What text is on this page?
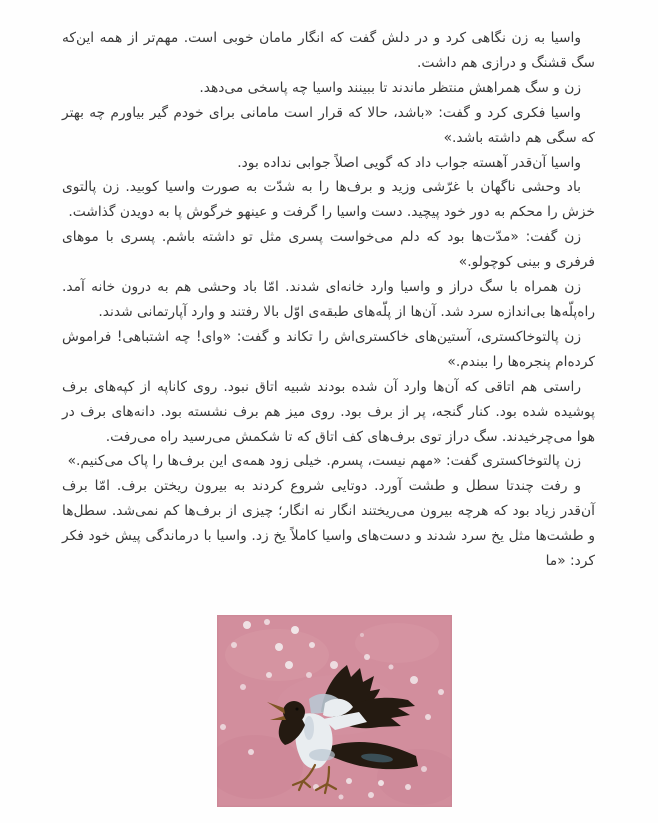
واسیا به زن نگاهی کرد و در دلش گفت که انگار مامان خوبی است. مهم‌تر از همه این‌که سگ قشنگ و درازی هم داشت.

زن و سگ همراهش منتظر ماندند تا ببینند واسیا چه پاسخی می‌دهد.

واسیا فکری کرد و گفت: «باشد، حالا که قرار است مامانی برای خودم گیر بیاورم چه بهتر که سگی هم داشته باشد.»

واسیا آن‌قدر آهسته جواب داد که گویی اصلاً جوابی نداده بود.

باد وحشی ناگهان با غرّشی وزید و برف‌ها را به شدّت به صورت واسیا کوبید. زن پالتوی خزش را محکم به دور خود پیچید. دست واسیا را گرفت و عینهو خرگوش پا به دویدن گذاشت.

زن گفت: «مدّت‌ها بود که دلم می‌خواست پسری مثل تو داشته باشم. پسری با موهای فرفری و بینی کوچولو.»

زن همراه با سگ دراز و واسیا وارد خانه‌ای شدند. امّا باد وحشی هم به درون خانه آمد. راه‌پلّه‌ها بی‌اندازه سرد شد. آن‌ها از پلّه‌های طبقه‌ی اوّل بالا رفتند و وارد آپارتمانی شدند.

زن پالتوخاکستری، آستین‌های خاکستری‌اش را تکاند و گفت: «وای! چه اشتباهی! فراموش کرده‌ام پنجره‌ها را ببندم.»

راستی هم اتاقی که آن‌ها وارد آن شده بودند شبیه اتاق نبود. روی کاناپه از کپه‌های برف پوشیده شده بود. کنار گنجه، پر از برف بود. روی میز هم برف نشسته بود. دانه‌های برف در هوا می‌چرخیدند. سگ دراز توی برف‌های کف اتاق که تا شکمش می‌رسید راه می‌رفت.

زن پالتوخاکستری گفت: «مهم نیست، پسرم. خیلی زود همه‌ی این برف‌ها را پاک می‌کنیم.»

و رفت چندتا سطل و طشت آورد. دوتایی شروع کردند به بیرون ریختن برف. امّا برف آن‌قدر زیاد بود که هرچه بیرون می‌ریختند انگار نه انگار؛ چیزی از برف‌ها کم نمی‌شد. سطل‌ها و طشت‌ها مثل یخ سرد شدند و دست‌های واسیا کاملاً یخ زد. واسیا با درماندگی پیش خود فکر کرد: «ما
